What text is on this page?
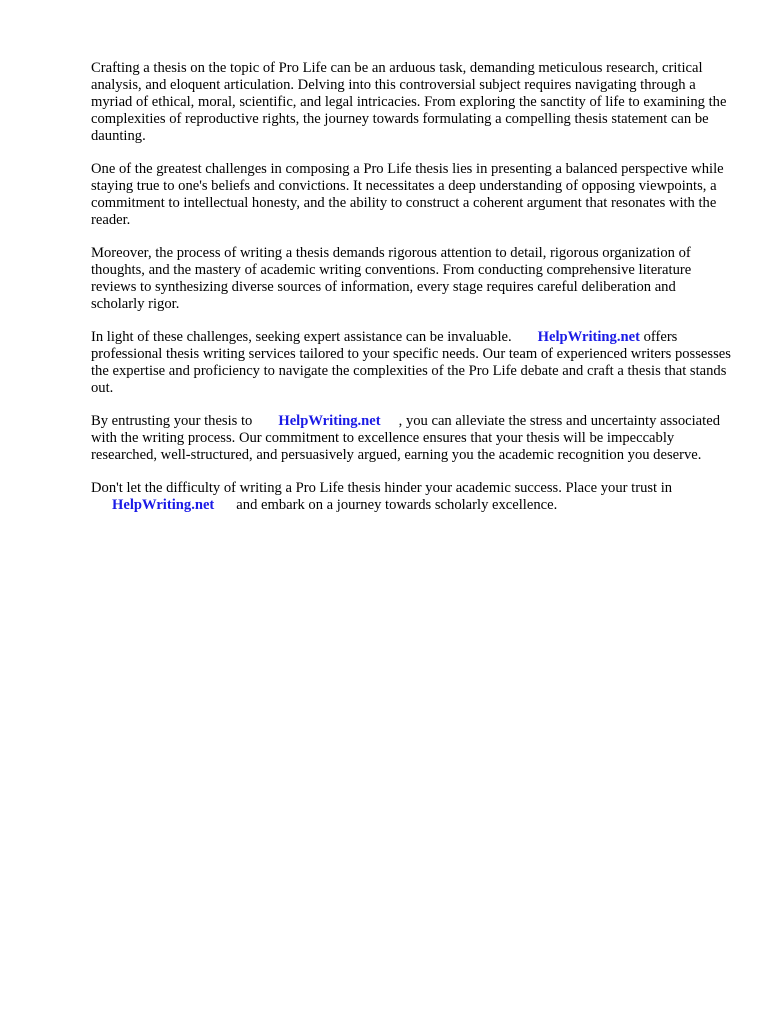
Crafting a thesis on the topic of Pro Life can be an arduous task, demanding meticulous research, critical analysis, and eloquent articulation. Delving into this controversial subject requires navigating through a myriad of ethical, moral, scientific, and legal intricacies. From exploring the sanctity of life to examining the complexities of reproductive rights, the journey towards formulating a compelling thesis statement can be daunting.

One of the greatest challenges in composing a Pro Life thesis lies in presenting a balanced perspective while staying true to one's beliefs and convictions. It necessitates a deep understanding of opposing viewpoints, a commitment to intellectual honesty, and the ability to construct a coherent argument that resonates with the reader.

Moreover, the process of writing a thesis demands rigorous attention to detail, rigorous organization of thoughts, and the mastery of academic writing conventions. From conducting comprehensive literature reviews to synthesizing diverse sources of information, every stage requires careful deliberation and scholarly rigor.

In light of these challenges, seeking expert assistance can be invaluable. HelpWriting.net offers professional thesis writing services tailored to your specific needs. Our team of experienced writers possesses the expertise and proficiency to navigate the complexities of the Pro Life debate and craft a thesis that stands out.

By entrusting your thesis to HelpWriting.net , you can alleviate the stress and uncertainty associated with the writing process. Our commitment to excellence ensures that your thesis will be impeccably researched, well-structured, and persuasively argued, earning you the academic recognition you deserve.

Don't let the difficulty of writing a Pro Life thesis hinder your academic success. Place your trust in
HelpWriting.net and embark on a journey towards scholarly excellence.
